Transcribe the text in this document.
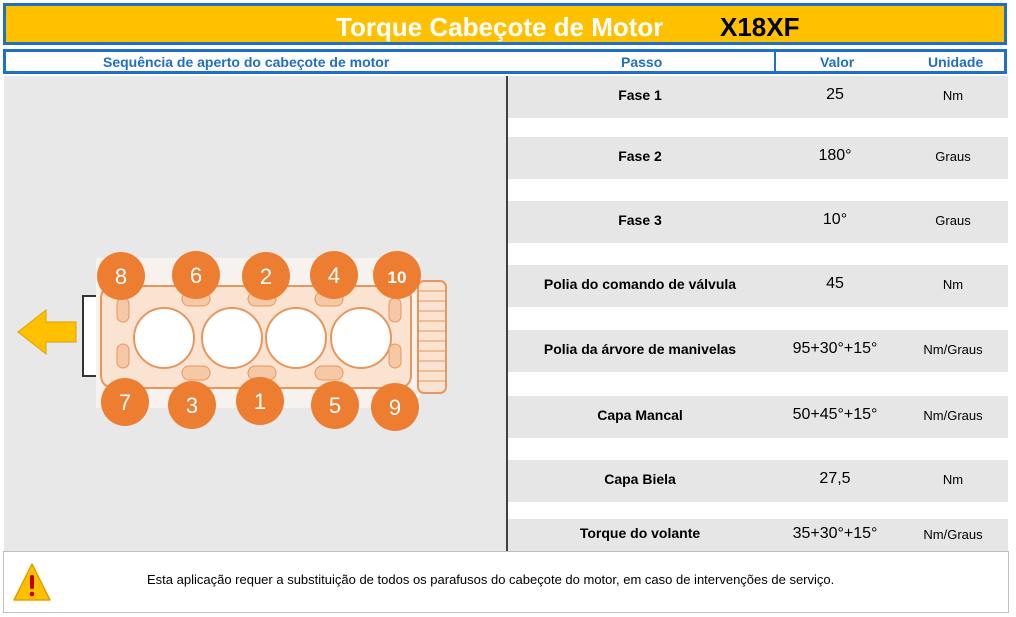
Torque Cabeçote de Motor X18XF
Sequência de aperto do cabeçote de motor	Passo	Valor	Unidade
8	6	2	4	10
7 3	1	5 9
Fase 1	25	Nm
Fase 2	180°	Graus
Fase 3	10°	Graus
Polia do comando de válvula	45	Nm
Polia da árvore de manivelas	95+30°+15°	Nm/Graus
Capa Mancal	50+45°+15°	Nm/Graus
Capa Biela	27,5	Nm
Torque do volante	35+30°+15°	Nm/Graus
Esta aplicação requer a substituição de todos os parafusos do cabeçote do motor, em caso de intervenções de serviço.
